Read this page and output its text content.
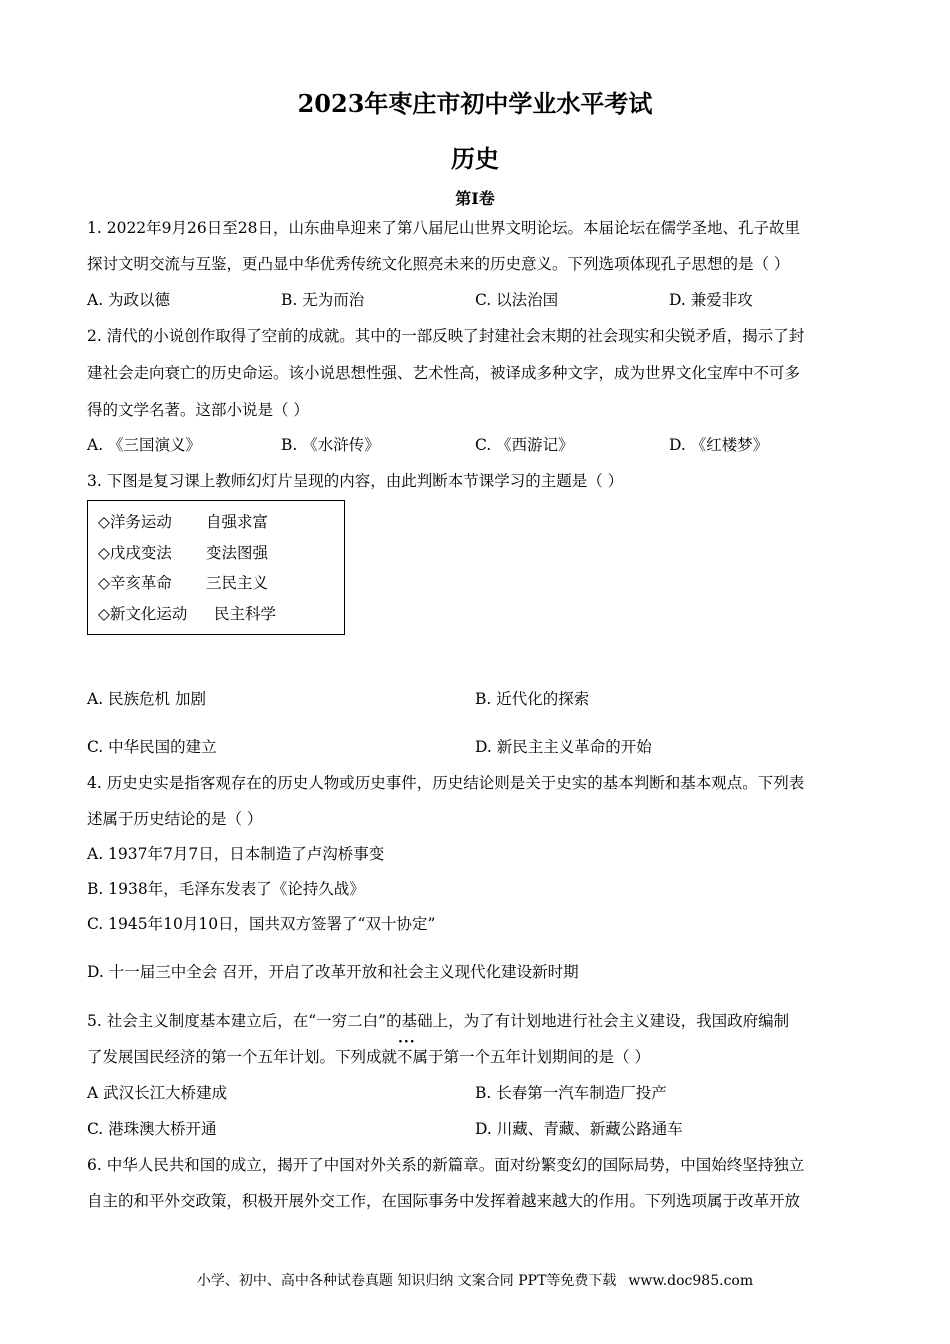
2023年枣庄市初中学业水平考试
历史
第I卷
1. 2022年9月26日至28日，山东曲阜迎来了第八届尼山世界文明论坛。本届论坛在儒学圣地、孔子故里
探讨文明交流与互鉴，更凸显中华优秀传统文化照亮未来的历史意义。下列选项体现孔子思想的是（ ）
A. 为政以德	B. 无为而治	C. 以法治国	D. 兼爱非攻
2. 清代的小说创作取得了空前的成就。其中的一部反映了封建社会末期的社会现实和尖锐矛盾，揭示了封
建社会走向衰亡的历史命运。该小说思想性强、艺术性高，被译成多种文字，成为世界文化宝库中不可多
得的文学名著。这部小说是（ ）
A. 《三国演义》	B. 《水浒传》	C. 《西游记》	D. 《红楼梦》
3. 下图是复习课上教师幻灯片呈现的内容，由此判断本节课学习的主题是（ ）
◇洋务运动 自强求富
◇戊戌变法 变法图强
◇辛亥革命 三民主义
◇新文化运动 民主科学
A. 民族危机 加剧	B. 近代化的探索
C. 中华民国的建立	D. 新民主主义革命的开始
4. 历史史实是指客观存在的历史人物或历史事件，历史结论则是关于史实的基本判断和基本观点。下列表
述属于历史结论的是（ ）
A. 1937年7月7日，日本制造了卢沟桥事变
B. 1938年，毛泽东发表了《论持久战》
C. 1945年10月10日，国共双方签署了“双十协定”
D. 十一届三中全会 召开，开启了改革开放和社会主义现代化建设新时期
5. 社会主义制度基本建立后，在“一穷二白”的基础上，为了有计划地进行社会主义建设，我国政府编制
了发展国民经济的第一个五年计划。下列成就··· 不属于第一个五年计划期间的是（ ）
A 武汉长江大桥建成	B. 长春第一汽车制造厂投产
C. 港珠澳大桥开通	D. 川藏、青藏、新藏公路通车
6. 中华人民共和国的成立，揭开了中国对外关系的新篇章。面对纷繁变幻的国际局势，中国始终坚持独立
自主的和平外交政策，积极开展外交工作，在国际事务中发挥着越来越大的作用。下列选项属于改革开放
小学、初中、高中各种试卷真题 知识归纳 文案合同 PPT等免费下载 www.doc985.com
